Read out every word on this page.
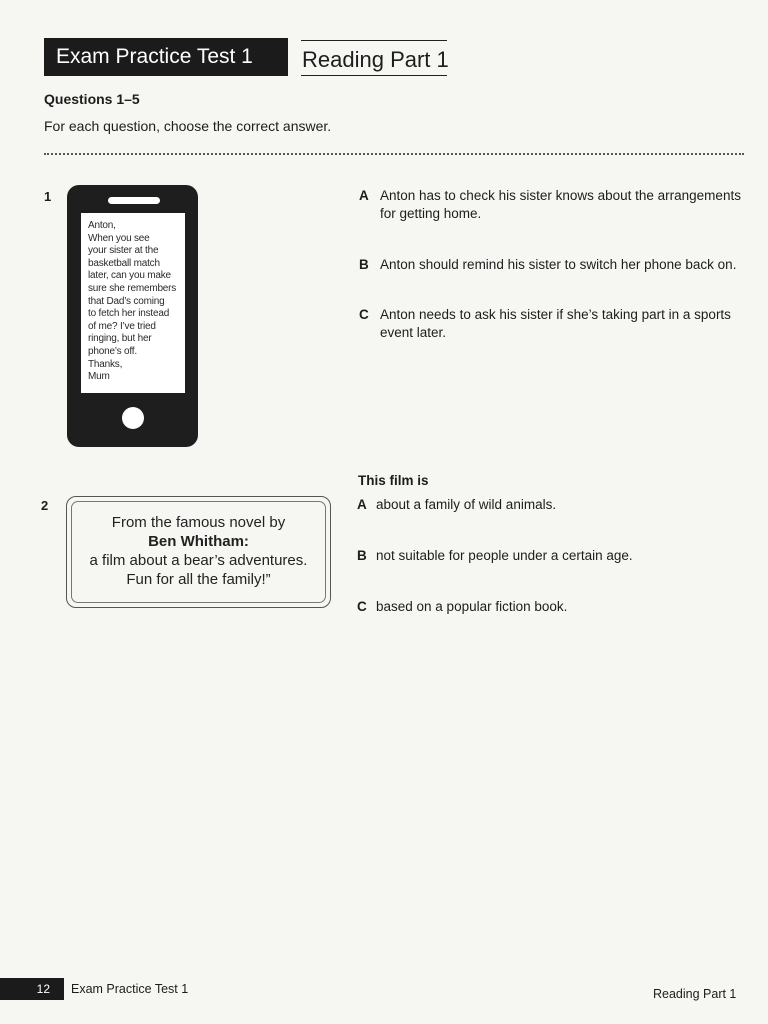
Exam Practice Test 1	Reading Part 1
Questions 1–5
For each question, choose the correct answer.
1
Anton,
When you see
your sister at the
basketball match
later, can you make
sure she remembers
that Dad’s coming
to fetch her instead
of me? I’ve tried
ringing, but her
phone’s off.
Thanks,
Mum
A Anton has to check his sister knows about the arrangements for getting home.
B Anton should remind his sister to switch her phone back on.
C Anton needs to ask his sister if she’s taking part in a sports event later.
2
From the famous novel by
Ben Whitham:
a film about a bear’s adventures.
Fun for all the family!”
This film is
A about a family of wild animals.
B not suitable for people under a certain age.
C based on a popular fiction book.
12	Exam Practice Test 1	Reading Part 1
